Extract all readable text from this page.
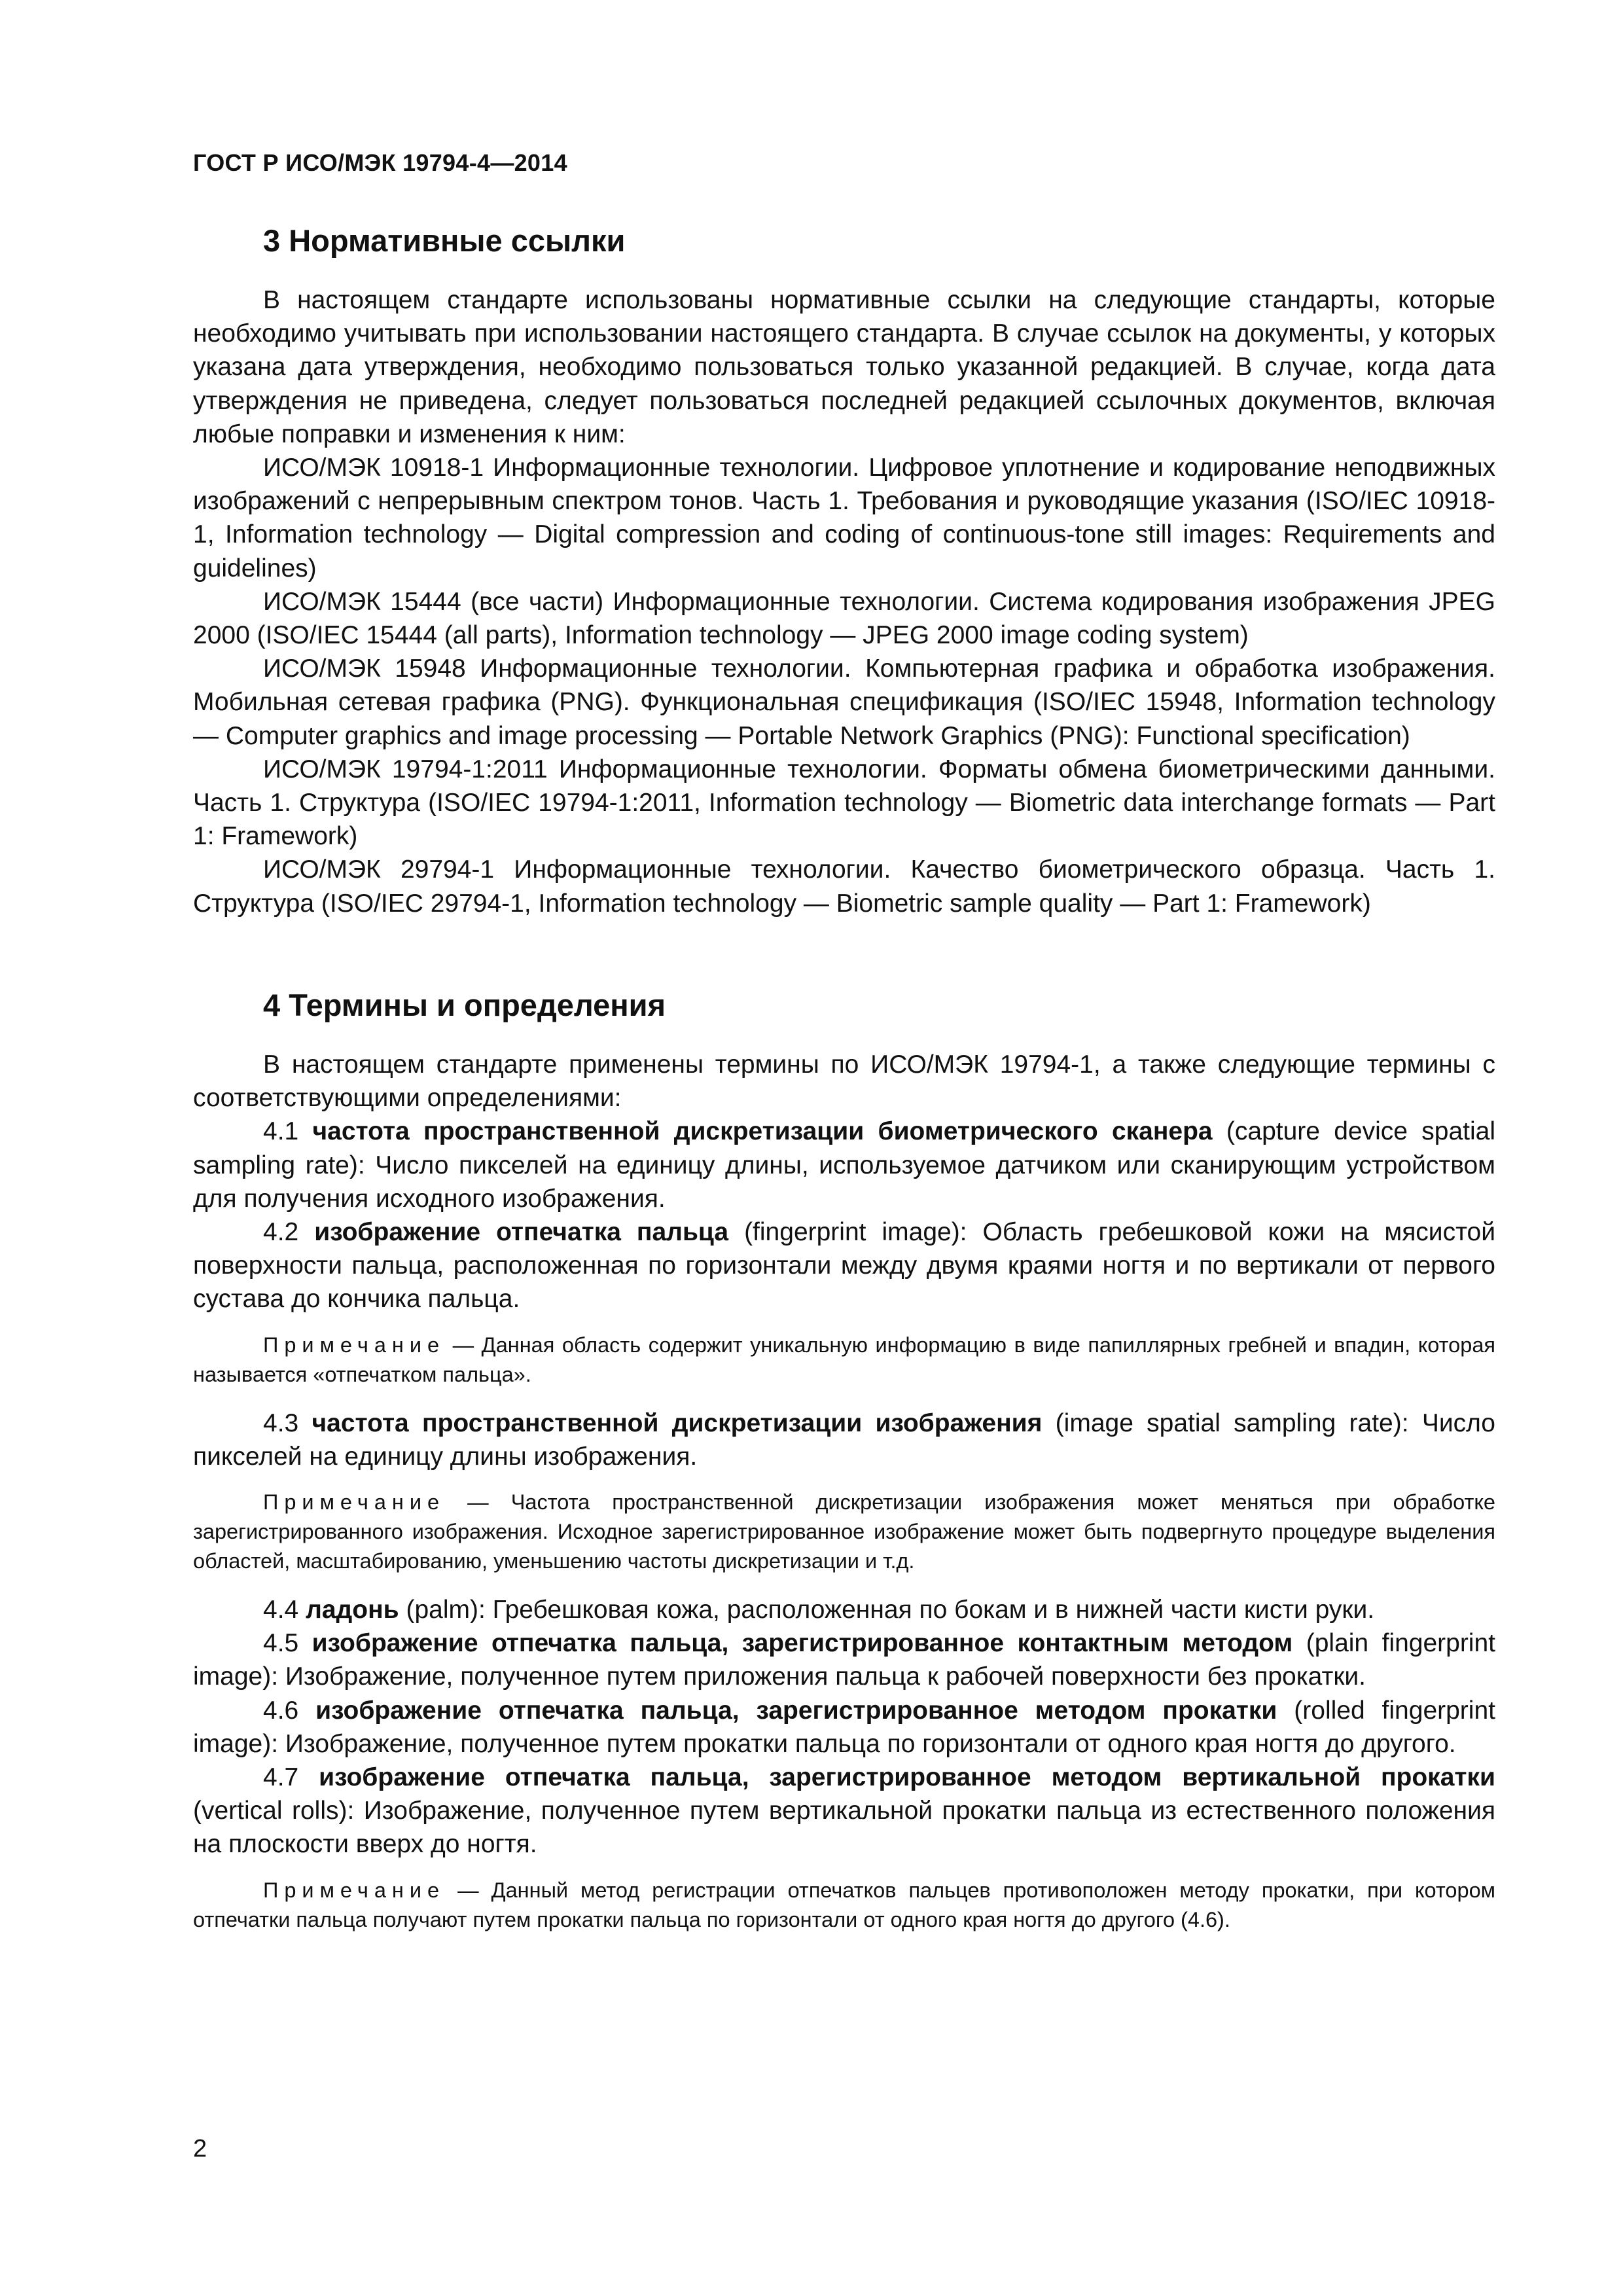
ГОСТ Р ИСО/МЭК 19794-4—2014
3 Нормативные ссылки

В настоящем стандарте использованы нормативные ссылки на следующие стандарты, которые необходимо учитывать при использовании настоящего стандарта. В случае ссылок на документы, у которых указана дата утверждения, необходимо пользоваться только указанной редакцией. В случае, когда дата утверждения не приведена, следует пользоваться последней редакцией ссылочных документов, включая любые поправки и изменения к ним:

ИСО/МЭК 10918-1 Информационные технологии. Цифровое уплотнение и кодирование неподвижных изображений с непрерывным спектром тонов. Часть 1. Требования и руководящие указания (ISO/IEC 10918-1, Information technology — Digital compression and coding of continuous-tone still images: Requirements and guidelines)

ИСО/МЭК 15444 (все части) Информационные технологии. Система кодирования изображения JPEG 2000 (ISO/IEC 15444 (all parts), Information technology — JPEG 2000 image coding system)

ИСО/МЭК 15948 Информационные технологии. Компьютерная графика и обработка изображения. Мобильная сетевая графика (PNG). Функциональная спецификация (ISO/IEC 15948, Information technology — Computer graphics and image processing — Portable Network Graphics (PNG): Functional specification)

ИСО/МЭК 19794-1:2011 Информационные технологии. Форматы обмена биометрическими данными. Часть 1. Структура (ISO/IEC 19794-1:2011, Information technology — Biometric data interchange formats — Part 1: Framework)

ИСО/МЭК 29794-1 Информационные технологии. Качество биометрического образца. Часть 1. Структура (ISO/IEC 29794-1, Information technology — Biometric sample quality — Part 1: Framework)

4 Термины и определения

В настоящем стандарте применены термины по ИСО/МЭК 19794-1, а также следующие термины с соответствующими определениями:

4.1 частота пространственной дискретизации биометрического сканера (capture device spatial sampling rate): Число пикселей на единицу длины, используемое датчиком или сканирующим устройством для получения исходного изображения.

4.2 изображение отпечатка пальца (fingerprint image): Область гребешковой кожи на мясистой поверхности пальца, расположенная по горизонтали между двумя краями ногтя и по вертикали от первого сустава до кончика пальца.

Примечание — Данная область содержит уникальную информацию в виде папиллярных гребней и впадин, которая называется «отпечатком пальца».

4.3 частота пространственной дискретизации изображения (image spatial sampling rate): Число пикселей на единицу длины изображения.

Примечание — Частота пространственной дискретизации изображения может меняться при обработке зарегистрированного изображения. Исходное зарегистрированное изображение может быть подвергнуто процедуре выделения областей, масштабированию, уменьшению частоты дискретизации и т.д.

4.4 ладонь (palm): Гребешковая кожа, расположенная по бокам и в нижней части кисти руки.

4.5 изображение отпечатка пальца, зарегистрированное контактным методом (plain fingerprint image): Изображение, полученное путем приложения пальца к рабочей поверхности без прокатки.

4.6 изображение отпечатка пальца, зарегистрированное методом прокатки (rolled fingerprint image): Изображение, полученное путем прокатки пальца по горизонтали от одного края ногтя до другого.

4.7 изображение отпечатка пальца, зарегистрированное методом вертикальной прокатки (vertical rolls): Изображение, полученное путем вертикальной прокатки пальца из естественного положения на плоскости вверх до ногтя.

Примечание — Данный метод регистрации отпечатков пальцев противоположен методу прокатки, при котором отпечатки пальца получают путем прокатки пальца по горизонтали от одного края ногтя до другого (4.6).

2
